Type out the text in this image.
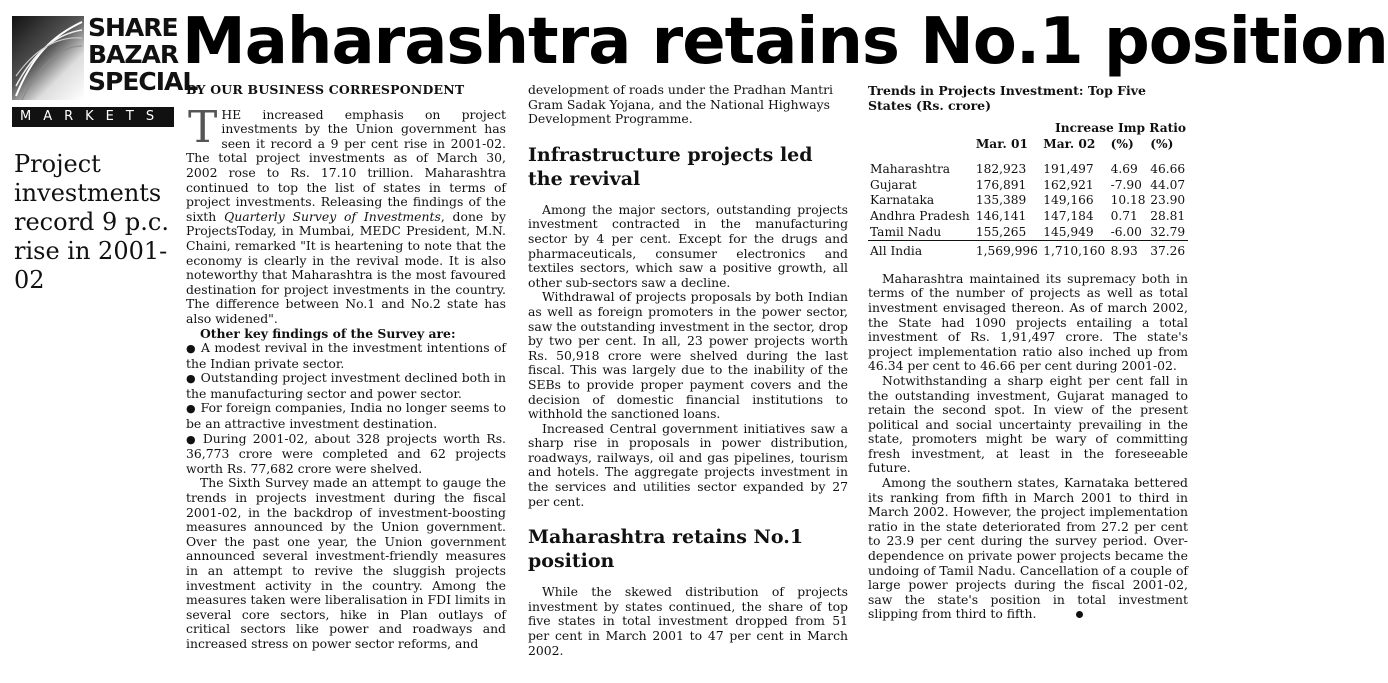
SHARE
BAZAR
SPECIAL
MARKETS
Maharashtra retains No.1 position
Project investments record 9 p.c. rise in 2001-02

BY OUR BUSINESS CORRESPONDENT

THE increased emphasis on project investments by the Union government has seen it record a 9 per cent rise in 2001-02. The total project investments as of March 30, 2002 rose to Rs. 17.10 trillion. Maharashtra continued to top the list of states in terms of project investments. Releasing the findings of the sixth Quarterly Survey of Investments, done by ProjectsToday, in Mumbai, MEDC President, M.N. Chaini, remarked "It is heartening to note that the economy is clearly in the revival mode. It is also noteworthy that Maharashtra is the most favoured destination for project investments in the country. The difference between No.1 and No.2 state has also widened".

Other key findings of the Survey are:

● A modest revival in the investment intentions of the Indian private sector.

● Outstanding project investment declined both in the manufacturing sector and power sector.

● For foreign companies, India no longer seems to be an attractive investment destination.

● During 2001-02, about 328 projects worth Rs. 36,773 crore were completed and 62 projects worth Rs. 77,682 crore were shelved.

The Sixth Survey made an attempt to gauge the trends in projects investment during the fiscal 2001-02, in the backdrop of investment-boosting measures announced by the Union government. Over the past one year, the Union government announced several investment-friendly measures in an attempt to revive the sluggish projects investment activity in the country. Among the measures taken were liberalisation in FDI limits in several core sectors, hike in Plan outlays of critical sectors like power and roadways and increased stress on power sector reforms, and

development of roads under the Pradhan Mantri Gram Sadak Yojana, and the National Highways Development Programme.

Infrastructure projects led the revival

Among the major sectors, outstanding projects investment contracted in the manufacturing sector by 4 per cent. Except for the drugs and pharmaceuticals, consumer electronics and textiles sectors, which saw a positive growth, all other sub-sectors saw a decline.

Withdrawal of projects proposals by both Indian as well as foreign promoters in the power sector, saw the outstanding investment in the sector, drop by two per cent. In all, 23 power projects worth Rs. 50,918 crore were shelved during the last fiscal. This was largely due to the inability of the SEBs to provide proper payment covers and the decision of domestic financial institutions to withhold the sanctioned loans.

Increased Central government initiatives saw a sharp rise in proposals in power distribution, roadways, railways, oil and gas pipelines, tourism and hotels. The aggregate projects investment in the services and utilities sector expanded by 27 per cent.

Maharashtra retains No.1 position

While the skewed distribution of projects investment by states continued, the share of top five states in total investment dropped from 51 per cent in March 2001 to 47 per cent in March 2002.

Trends in Projects Investment: Top Five States (Rs. crore)

Increase Imp Ratio				
	Mar. 01	Mar. 02	(%)	(%)

Maharashtra	182,923	191,497	4.69	46.66
Gujarat	176,891	162,921	-7.90	44.07
Karnataka	135,389	149,166	10.18	23.90
Andhra Pradesh	146,141	147,184	0.71	28.81
Tamil Nadu	155,265	145,949	-6.00	32.79
All India	1,569,996	1,710,160	8.93	37.26

Maharashtra maintained its supremacy both in terms of the number of projects as well as total investment envisaged thereon. As of march 2002, the State had 1090 projects entailing a total investment of Rs. 1,91,497 crore. The state's project implementation ratio also inched up from 46.34 per cent to 46.66 per cent during 2001-02.

Notwithstanding a sharp eight per cent fall in the outstanding investment, Gujarat managed to retain the second spot. In view of the present political and social uncertainty prevailing in the state, promoters might be wary of committing fresh investment, at least in the foreseeable future.

Among the southern states, Karnataka bettered its ranking from fifth in March 2001 to third in March 2002. However, the project implementation ratio in the state deteriorated from 27.2 per cent to 23.9 per cent during the survey period. Over-dependence on private power projects became the undoing of Tamil Nadu. Cancellation of a couple of large power projects during the fiscal 2001-02, saw the state's position in total investment slipping from third to fifth.
